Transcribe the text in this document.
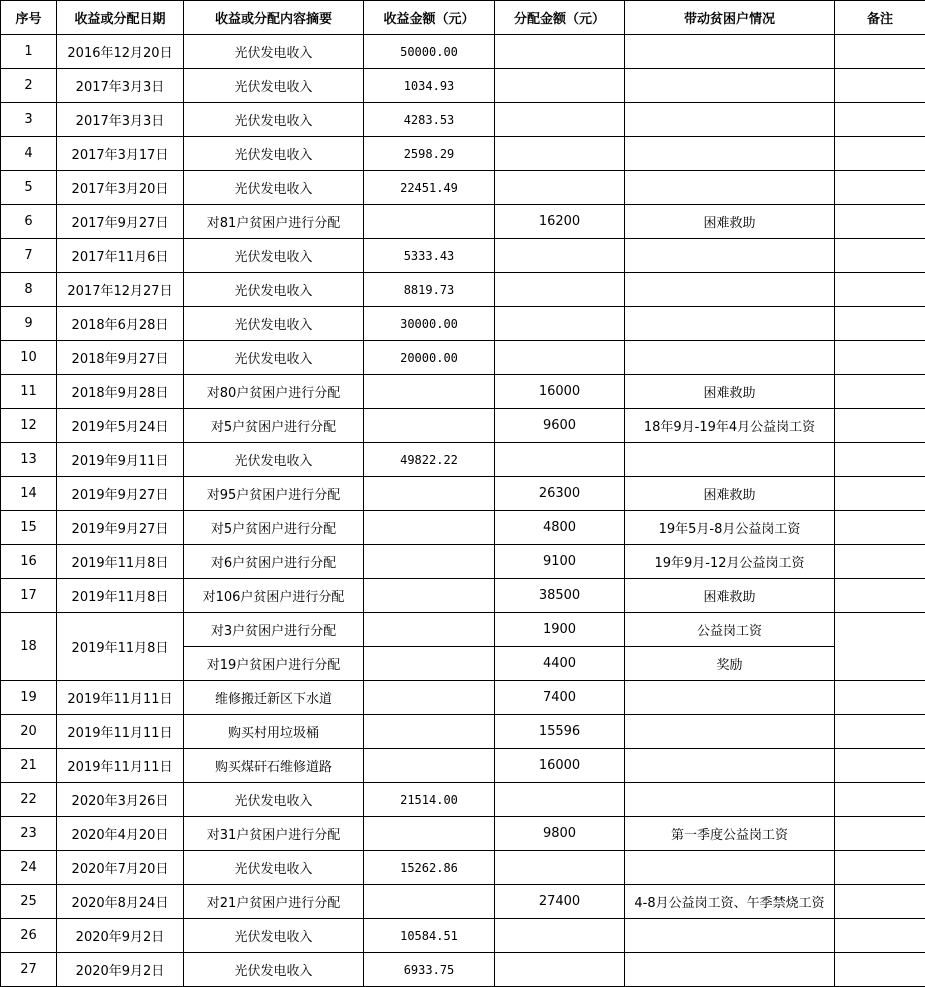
序号	收益或分配日期	收益或分配内容摘要	收益金额（元）	分配金额（元）	带动贫困户情况	备注
1	2016年12月20日	光伏发电收入	50000.00			
2	2017年3月3日	光伏发电收入	1034.93			
3	2017年3月3日	光伏发电收入	4283.53			
4	2017年3月17日	光伏发电收入	2598.29			
5	2017年3月20日	光伏发电收入	22451.49			
6	2017年9月27日	对81户贫困户进行分配		16200	困难救助	
7	2017年11月6日	光伏发电收入	5333.43			
8	2017年12月27日	光伏发电收入	8819.73			
9	2018年6月28日	光伏发电收入	30000.00			
10	2018年9月27日	光伏发电收入	20000.00			
11	2018年9月28日	对80户贫困户进行分配		16000	困难救助	
12	2019年5月24日	对5户贫困户进行分配		9600	18年9月-19年4月公益岗工资	
13	2019年9月11日	光伏发电收入	49822.22			
14	2019年9月27日	对95户贫困户进行分配		26300	困难救助	
15	2019年9月27日	对5户贫困户进行分配		4800	19年5月-8月公益岗工资	
16	2019年11月8日	对6户贫困户进行分配		9100	19年9月-12月公益岗工资	
17	2019年11月8日	对106户贫困户进行分配		38500	困难救助	
18	2019年11月8日	对3户贫困户进行分配		1900	公益岗工资	
		对19户贫困户进行分配		4400	奖励	
19	2019年11月11日	维修搬迁新区下水道		7400		
20	2019年11月11日	购买村用垃圾桶		15596		
21	2019年11月11日	购买煤矸石维修道路		16000		
22	2020年3月26日	光伏发电收入	21514.00			
23	2020年4月20日	对31户贫困户进行分配		9800	第一季度公益岗工资	
24	2020年7月20日	光伏发电收入	15262.86			
25	2020年8月24日	对21户贫困户进行分配		27400	4-8月公益岗工资、午季禁烧工资	
26	2020年9月2日	光伏发电收入	10584.51			
27	2020年9月2日	光伏发电收入	6933.75			
